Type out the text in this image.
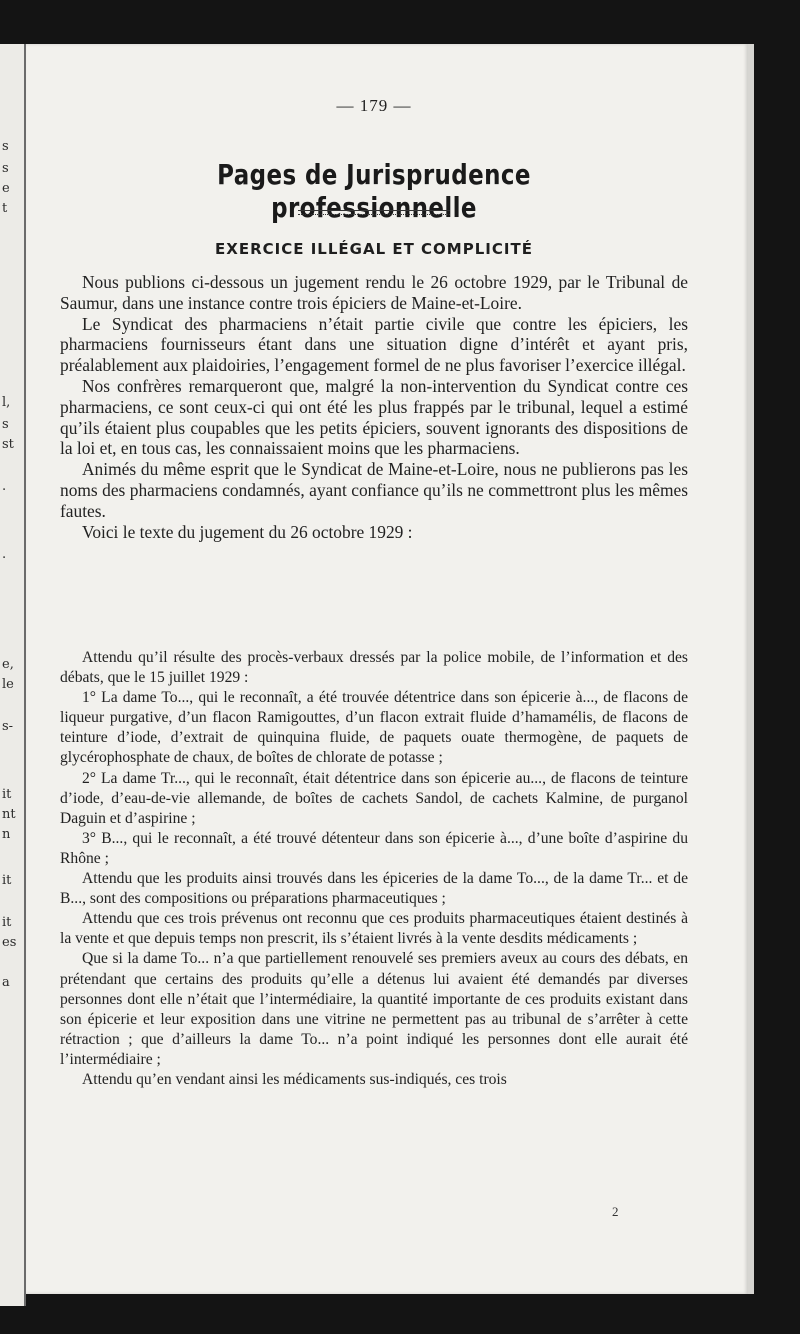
s
s
e
t
l,
s
st
.
.
e,
le
s-
it
nt
n
it
it
es
a
— 179 —
Pages de Jurisprudence professionnelle
EXERCICE ILLÉGAL ET COMPLICITÉ

Nous publions ci-dessous un jugement rendu le 26 octobre 1929, par le Tribunal de Saumur, dans une instance contre trois épiciers de Maine-et-Loire.

Le Syndicat des pharmaciens n’était partie civile que contre les épiciers, les pharmaciens fournisseurs étant dans une situation digne d’intérêt et ayant pris, préalablement aux plaidoiries, l’engagement formel de ne plus favoriser l’exercice illégal.

Nos confrères remarqueront que, malgré la non-intervention du Syndicat contre ces pharmaciens, ce sont ceux-ci qui ont été les plus frappés par le tribunal, lequel a estimé qu’ils étaient plus coupables que les petits épiciers, souvent ignorants des dispositions de la loi et, en tous cas, les connaissaient moins que les pharmaciens.

Animés du même esprit que le Syndicat de Maine-et-Loire, nous ne publierons pas les noms des pharmaciens condamnés, ayant confiance qu’ils ne commettront plus les mêmes fautes.

Voici le texte du jugement du 26 octobre 1929 :

Attendu qu’il résulte des procès-verbaux dressés par la police mobile, de l’information et des débats, que le 15 juillet 1929 :

1° La dame To..., qui le reconnaît, a été trouvée détentrice dans son épicerie à..., de flacons de liqueur purgative, d’un flacon Ramigouttes, d’un flacon extrait fluide d’hamamélis, de flacons de teinture d’iode, d’extrait de quinquina fluide, de paquets ouate thermogène, de paquets de glycérophosphate de chaux, de boîtes de chlorate de potasse ;

2° La dame Tr..., qui le reconnaît, était détentrice dans son épicerie au..., de flacons de teinture d’iode, d’eau-de-vie allemande, de boîtes de cachets Sandol, de cachets Kalmine, de purganol Daguin et d’aspirine ;

3° B..., qui le reconnaît, a été trouvé détenteur dans son épicerie à..., d’une boîte d’aspirine du Rhône ;

Attendu que les produits ainsi trouvés dans les épiceries de la dame To..., de la dame Tr... et de B..., sont des compositions ou préparations pharmaceutiques ;

Attendu que ces trois prévenus ont reconnu que ces produits pharmaceutiques étaient destinés à la vente et que depuis temps non prescrit, ils s’étaient livrés à la vente desdits médicaments ;

Que si la dame To... n’a que partiellement renouvelé ses premiers aveux au cours des débats, en prétendant que certains des produits qu’elle a détenus lui avaient été demandés par diverses personnes dont elle n’était que l’intermédiaire, la quantité importante de ces produits existant dans son épicerie et leur exposition dans une vitrine ne permettent pas au tribunal de s’arrêter à cette rétraction ; que d’ailleurs la dame To... n’a point indiqué les personnes dont elle aurait été l’intermédiaire ;

Attendu qu’en vendant ainsi les médicaments sus-indiqués, ces trois

2
